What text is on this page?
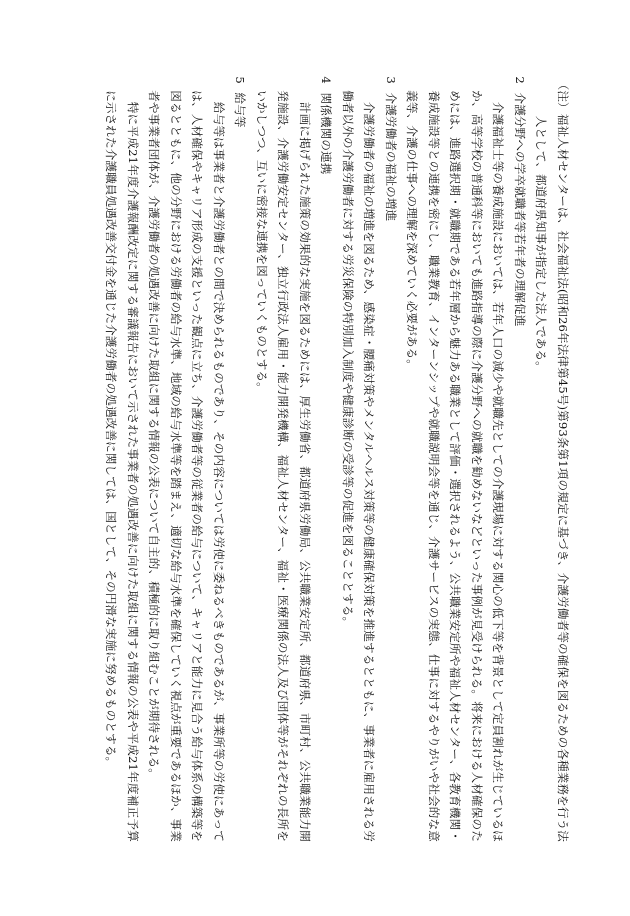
（注）福祉人材センターは、社会福祉法(昭和26年法律第45号)第93条第1項の規定に基づき、介護労働者等の確保を図るための各種業務を行う法人として、都道府県知事が指定した法人である。

2介護分野への学卒就職者等若年者の理解促進

介護福祉士等の養成施設においては、若年人口の減少や就職先としての介護現場に対する関心の低下等を背景として定員割れが生じているほか、高等学校の普通科等においても進路指導の際に介護分野への就職を勧めないなどといった事例が見受けられる。将来における人材確保のためには、進路選択期・就職期である若年層から魅力ある職業として評価・選択されるよう、公共職業安定所や福祉人材センター、各教育機関・養成施設等との連携を密にし、職業教育、インターンシップや就職説明会等を通じ、介護サービスの実態、仕事に対するやりがいや社会的な意義等、介護の仕事への理解を深めていく必要がある。

3介護労働者の福祉の増進

介護労働者の福祉の増進を図るため、感染症・腰痛対策やメンタルヘルス対策等の健康確保対策を推進するとともに、事業者に雇用される労働者以外の介護労働者に対する労災保険の特別加入制度や健康診断の受診等の促進を図ることとする。

4関係機関の連携

計画に掲げられた施策の効果的な実施を図るためには、厚生労働省、都道府県労働局、公共職業安定所、都道府県、市町村、公共職業能力開発施設、介護労働安定センター、独立行政法人雇用・能力開発機構、福祉人材センター、福祉・医療関係の法人及び団体等がそれぞれの長所をいかしつつ、互いに密接な連携を図っていくものとする。

5給与等

給与等は事業者と介護労働者との間で決められるものであり、その内容については労使に委ねるべきものであるが、事業所等の労使にあっては、人材確保やキャリア形成の支援といった観点に立ち、介護労働者等の従業者の給与について、キャリアと能力に見合う給与体系の構築等を図るとともに、他の分野における労働者の給与水準、地域の給与水準等を踏まえ、適切な給与水準を確保していく視点が重要であるほか、事業者や事業者団体が、介護労働者の処遇改善に向けた取組に関する情報の公表について自主的、積極的に取り組むことが期待される。

特に平成21年度介護報酬改定に関する審議報告において示された事業者の処遇改善に向けた取組に関する情報の公表や平成21年度補正予算に示された介護職員処遇改善交付金を通じた介護労働者の処遇改善に関しては、国として、その円滑な実施に努めるものとする。
